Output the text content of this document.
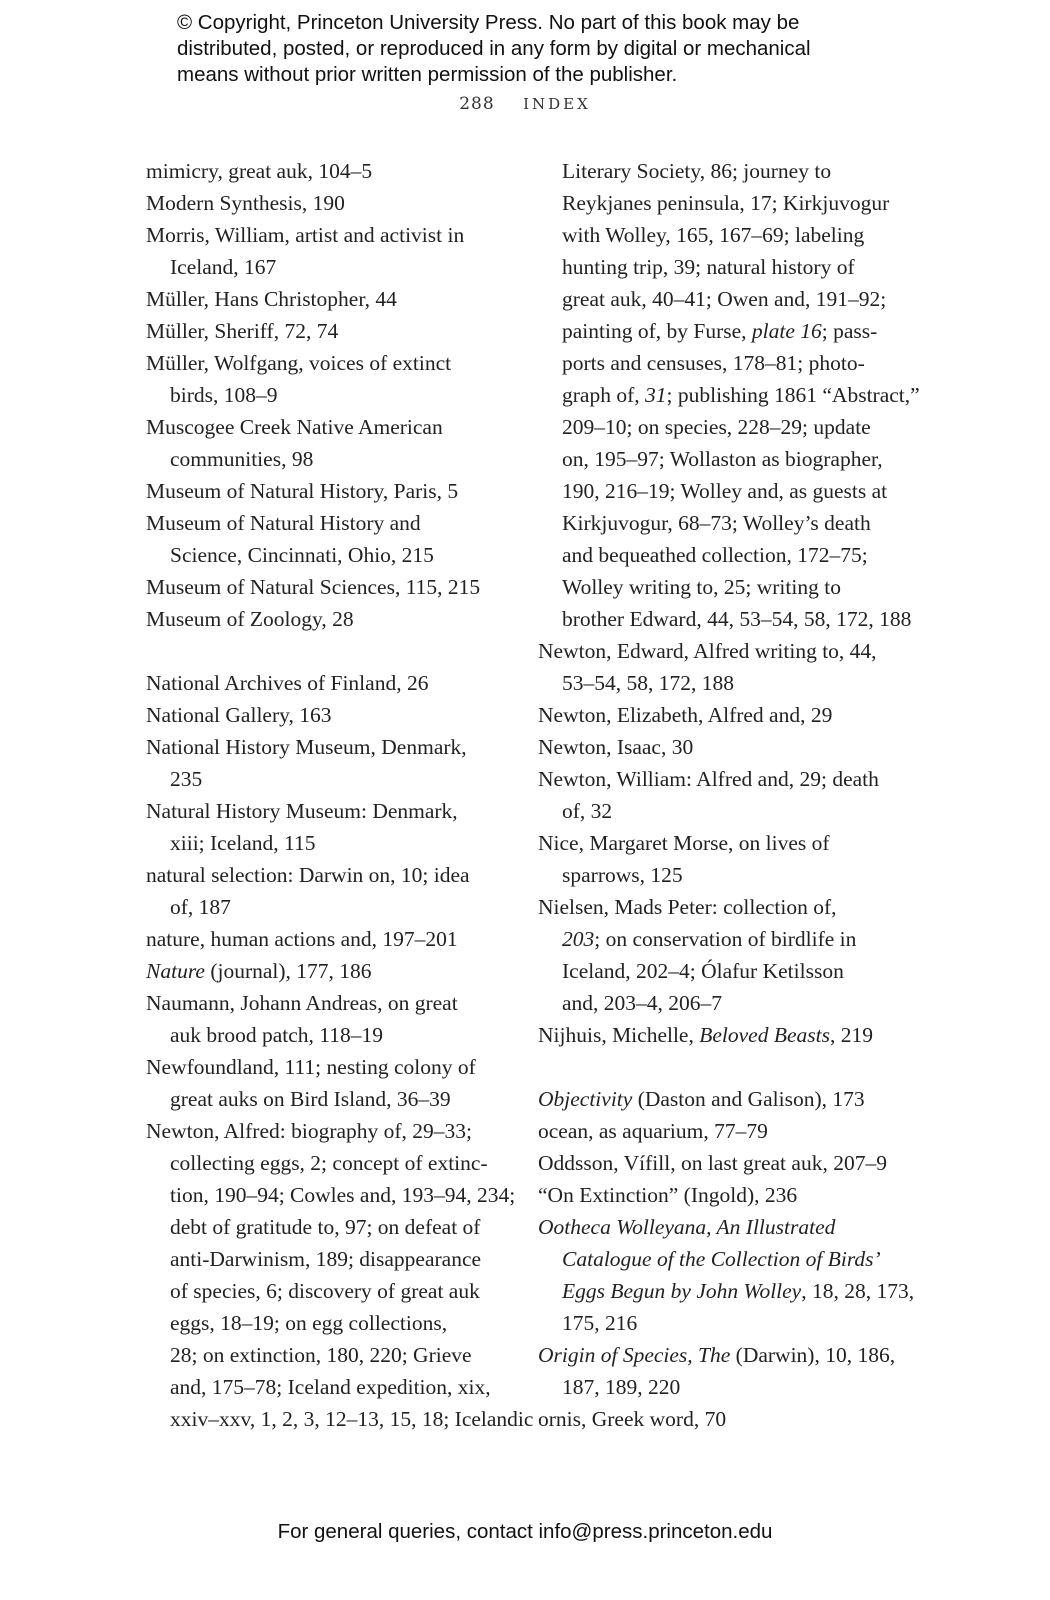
© Copyright, Princeton University Press. No part of this book may be
distributed, posted, or reproduced in any form by digital or mechanical
means without prior written permission of the publisher.
288 INDEX
mimicry, great auk, 104–5
Modern Synthesis, 190
Morris, William, artist and activist in
Iceland, 167
Müller, Hans Christopher, 44
Müller, Sheriff, 72, 74
Müller, Wolfgang, voices of extinct
birds, 108–9
Muscogee Creek Native American
communities, 98
Museum of Natural History, Paris, 5
Museum of Natural History and
Science, Cincinnati, Ohio, 215
Museum of Natural Sciences, 115, 215
Museum of Zoology, 28
National Archives of Finland, 26
National Gallery, 163
National History Museum, Denmark,
235
Natural History Museum: Denmark,
xiii; Iceland, 115
natural selection: Darwin on, 10; idea
of, 187
nature, human actions and, 197–201
Nature (journal), 177, 186
Naumann, Johann Andreas, on great
auk brood patch, 118–19
Newfoundland, 111; nesting colony of
great auks on Bird Island, 36–39
Newton, Alfred: biography of, 29–33;
collecting eggs, 2; concept of extinc-
tion, 190–94; Cowles and, 193–94, 234;
debt of gratitude to, 97; on defeat of
anti-Darwinism, 189; disappearance
of species, 6; discovery of great auk
eggs, 18–19; on egg collections,
28; on extinction, 180, 220; Grieve
and, 175–78; Iceland expedition, xix,
xxiv–xxv, 1, 2, 3, 12–13, 15, 18; Icelandic
Literary Society, 86; journey to
Reykjanes peninsula, 17; Kirkjuvogur
with Wolley, 165, 167–69; labeling
hunting trip, 39; natural history of
great auk, 40–41; Owen and, 191–92;
painting of, by Furse, plate 16; pass-
ports and censuses, 178–81; photo-
graph of, 31; publishing 1861 “Abstract,”
209–10; on species, 228–29; update
on, 195–97; Wollaston as biographer,
190, 216–19; Wolley and, as guests at
Kirkjuvogur, 68–73; Wolley’s death
and bequeathed collection, 172–75;
Wolley writing to, 25; writing to
brother Edward, 44, 53–54, 58, 172, 188
Newton, Edward, Alfred writing to, 44,
53–54, 58, 172, 188
Newton, Elizabeth, Alfred and, 29
Newton, Isaac, 30
Newton, William: Alfred and, 29; death
of, 32
Nice, Margaret Morse, on lives of
sparrows, 125
Nielsen, Mads Peter: collection of,
203; on conservation of birdlife in
Iceland, 202–4; Ólafur Ketilsson
and, 203–4, 206–7
Nijhuis, Michelle, Beloved Beasts, 219
Objectivity (Daston and Galison), 173
ocean, as aquarium, 77–79
Oddsson, Vífill, on last great auk, 207–9
“On Extinction” (Ingold), 236
Ootheca Wolleyana, An Illustrated
Catalogue of the Collection of Birds’
Eggs Begun by John Wolley, 18, 28, 173,
175, 216
Origin of Species, The (Darwin), 10, 186,
187, 189, 220
ornis, Greek word, 70
For general queries, contact info@press.princeton.edu
